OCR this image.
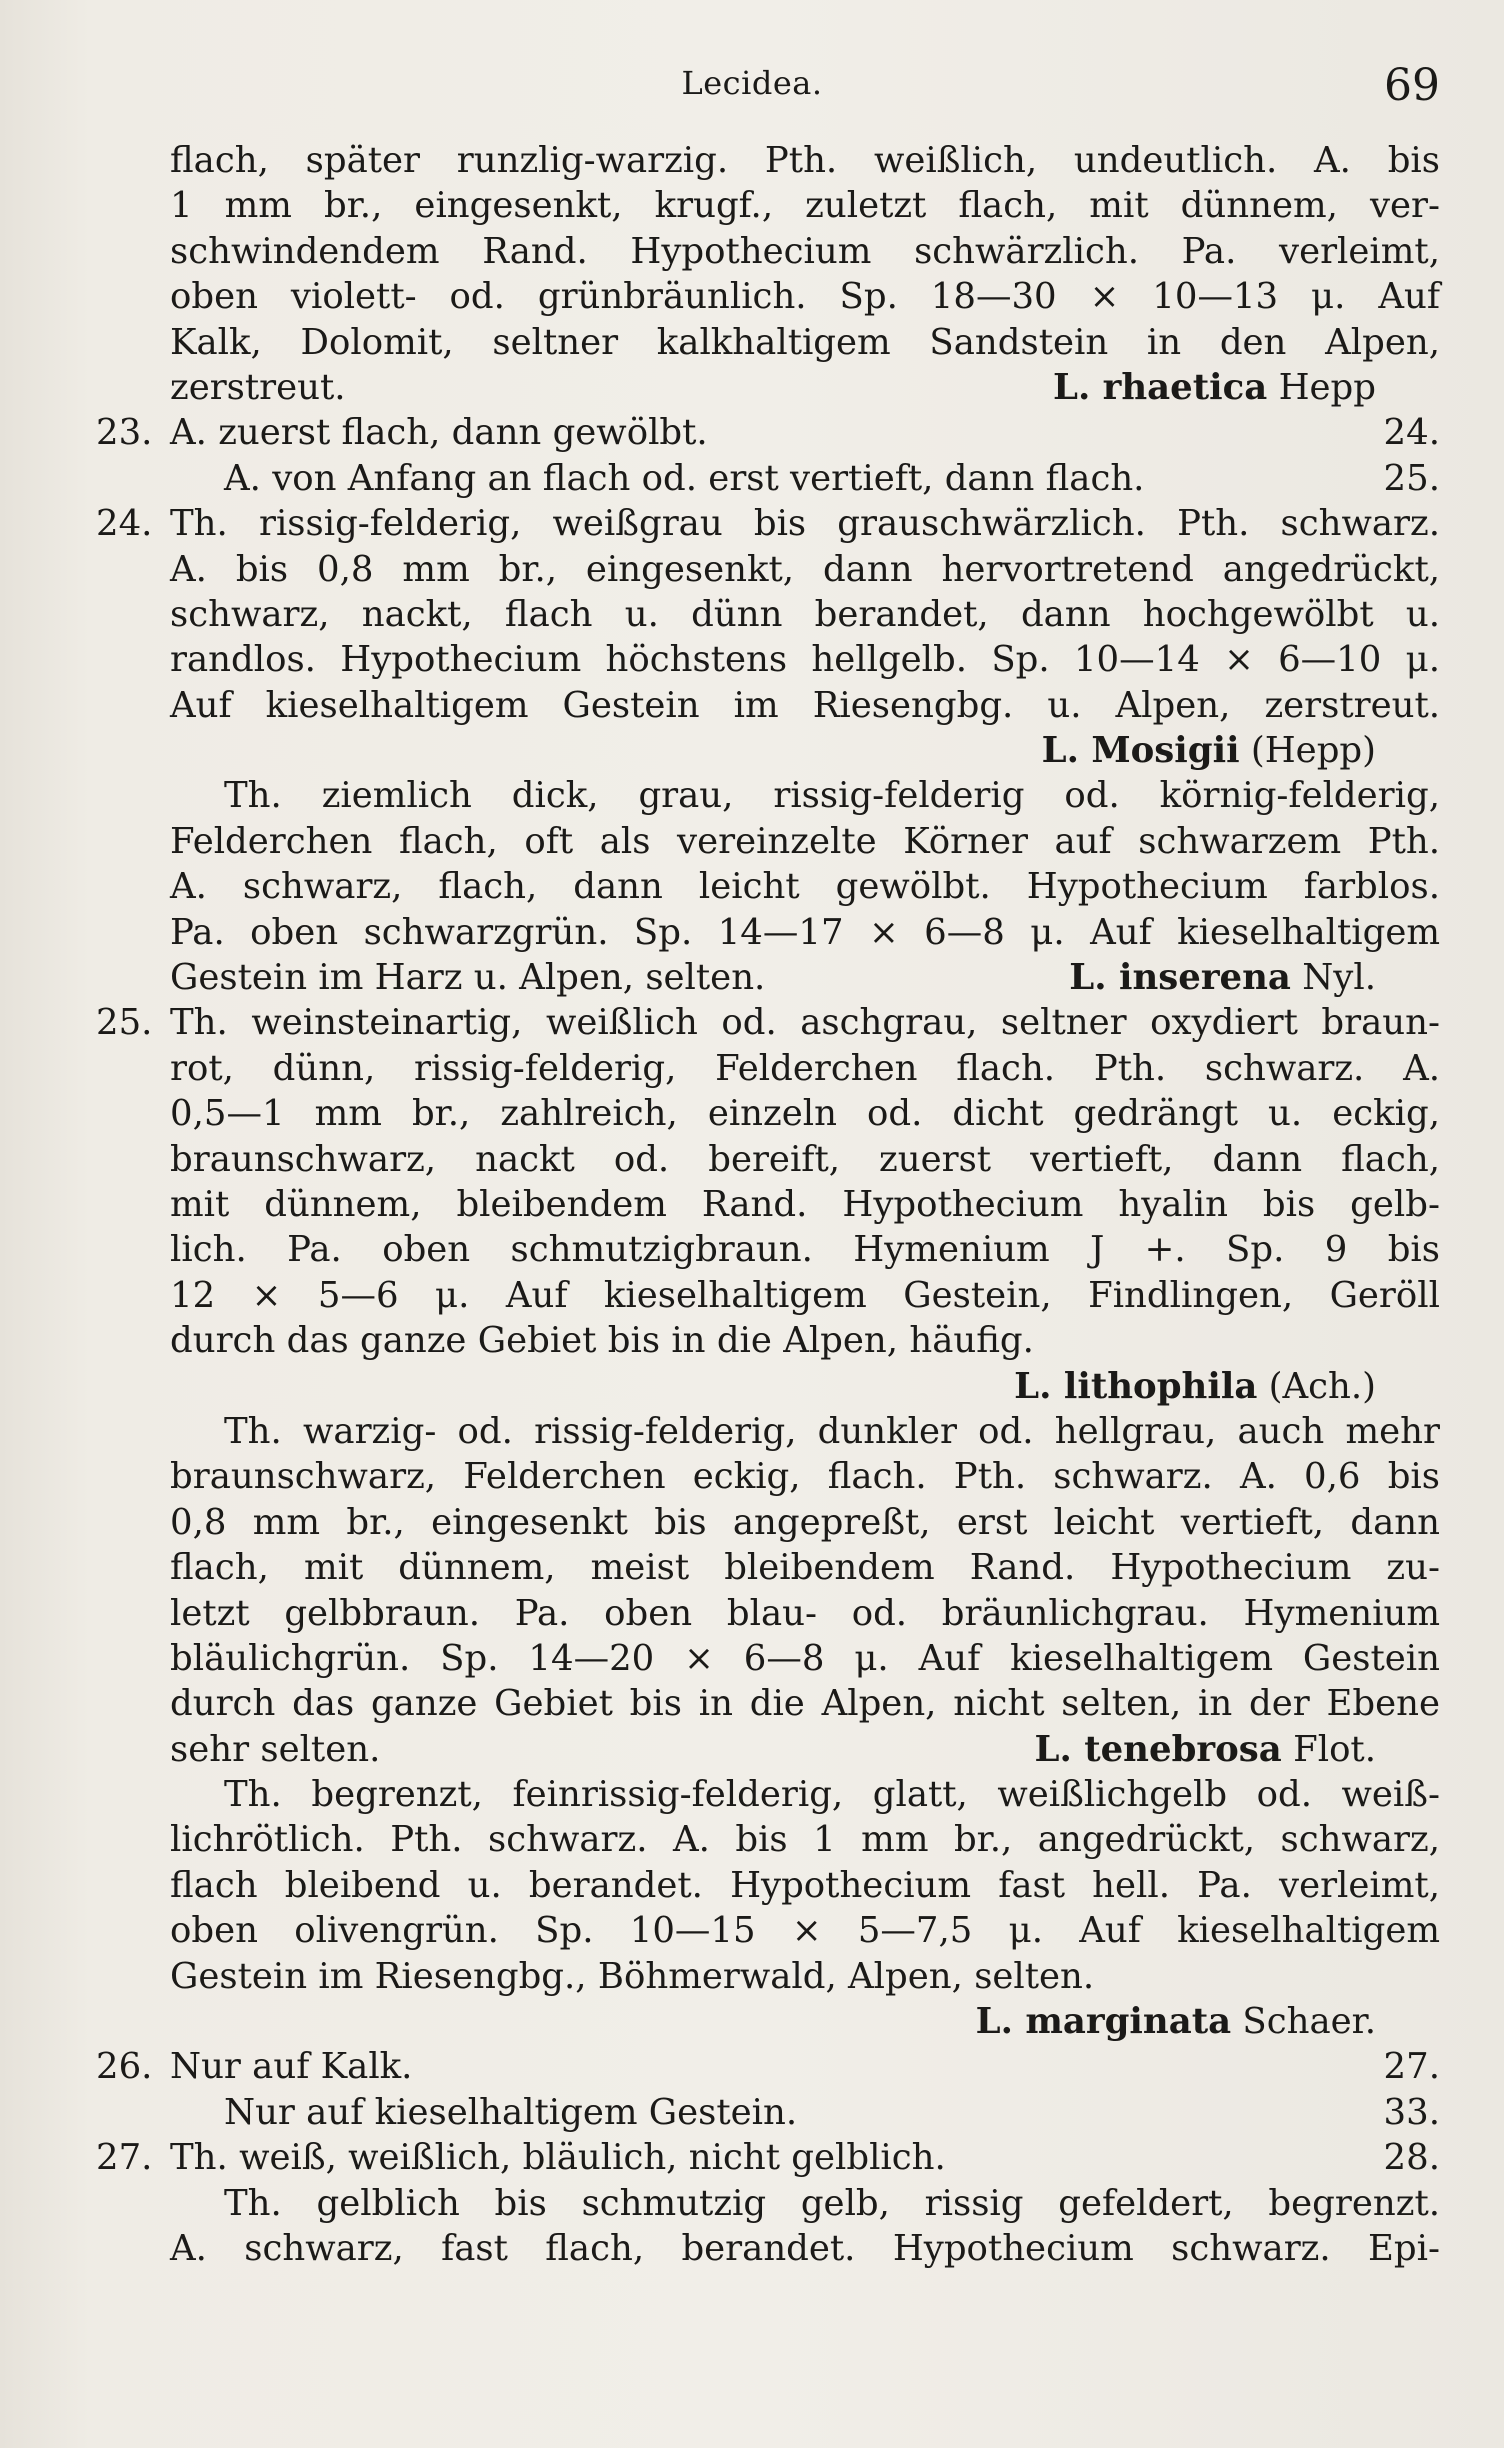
Lecidea.	69
flach, später runzlig-warzig. Pth. weißlich, undeutlich. A. bis
1 mm br., eingesenkt, krugf., zuletzt flach, mit dünnem, ver-
schwindendem Rand. Hypothecium schwärzlich. Pa. verleimt,
oben violett- od. grünbräunlich. Sp. 18—30 × 10—13 μ. Auf
Kalk, Dolomit, seltner kalkhaltigem Sandstein in den Alpen,
zerstreut.	L. rhaetica Hepp
23. A. zuerst flach, dann gewölbt.	24.
A. von Anfang an flach od. erst vertieft, dann flach.	25.
24. Th. rissig-felderig, weißgrau bis grauschwärzlich. Pth. schwarz.
A. bis 0,8 mm br., eingesenkt, dann hervortretend angedrückt,
schwarz, nackt, flach u. dünn berandet, dann hochgewölbt u.
randlos. Hypothecium höchstens hellgelb. Sp. 10—14 × 6—10 μ.
Auf kieselhaltigem Gestein im Riesengbg. u. Alpen, zerstreut.
L. Mosigii (Hepp)
Th. ziemlich dick, grau, rissig-felderig od. körnig-felderig,
Felderchen flach, oft als vereinzelte Körner auf schwarzem Pth.
A. schwarz, flach, dann leicht gewölbt. Hypothecium farblos.
Pa. oben schwarzgrün. Sp. 14—17 × 6—8 μ. Auf kieselhaltigem
Gestein im Harz u. Alpen, selten.	L. inserena Nyl.
25. Th. weinsteinartig, weißlich od. aschgrau, seltner oxydiert braun-
rot, dünn, rissig-felderig, Felderchen flach. Pth. schwarz. A.
0,5—1 mm br., zahlreich, einzeln od. dicht gedrängt u. eckig,
braunschwarz, nackt od. bereift, zuerst vertieft, dann flach,
mit dünnem, bleibendem Rand. Hypothecium hyalin bis gelb-
lich. Pa. oben schmutzigbraun. Hymenium J +. Sp. 9 bis
12 × 5—6 μ. Auf kieselhaltigem Gestein, Findlingen, Geröll
durch das ganze Gebiet bis in die Alpen, häufig.
L. lithophila (Ach.)
Th. warzig- od. rissig-felderig, dunkler od. hellgrau, auch mehr
braunschwarz, Felderchen eckig, flach. Pth. schwarz. A. 0,6 bis
0,8 mm br., eingesenkt bis angepreßt, erst leicht vertieft, dann
flach, mit dünnem, meist bleibendem Rand. Hypothecium zu-
letzt gelbbraun. Pa. oben blau- od. bräunlichgrau. Hymenium
bläulichgrün. Sp. 14—20 × 6—8 μ. Auf kieselhaltigem Gestein
durch das ganze Gebiet bis in die Alpen, nicht selten, in der Ebene
sehr selten.	L. tenebrosa Flot.
Th. begrenzt, feinrissig-felderig, glatt, weißlichgelb od. weiß-
lichrötlich. Pth. schwarz. A. bis 1 mm br., angedrückt, schwarz,
flach bleibend u. berandet. Hypothecium fast hell. Pa. verleimt,
oben olivengrün. Sp. 10—15 × 5—7,5 μ. Auf kieselhaltigem
Gestein im Riesengbg., Böhmerwald, Alpen, selten.
L. marginata Schaer.
26. Nur auf Kalk.	27.
Nur auf kieselhaltigem Gestein.	33.
27. Th. weiß, weißlich, bläulich, nicht gelblich.	28.
Th. gelblich bis schmutzig gelb, rissig gefeldert, begrenzt.
A. schwarz, fast flach, berandet. Hypothecium schwarz. Epi-
